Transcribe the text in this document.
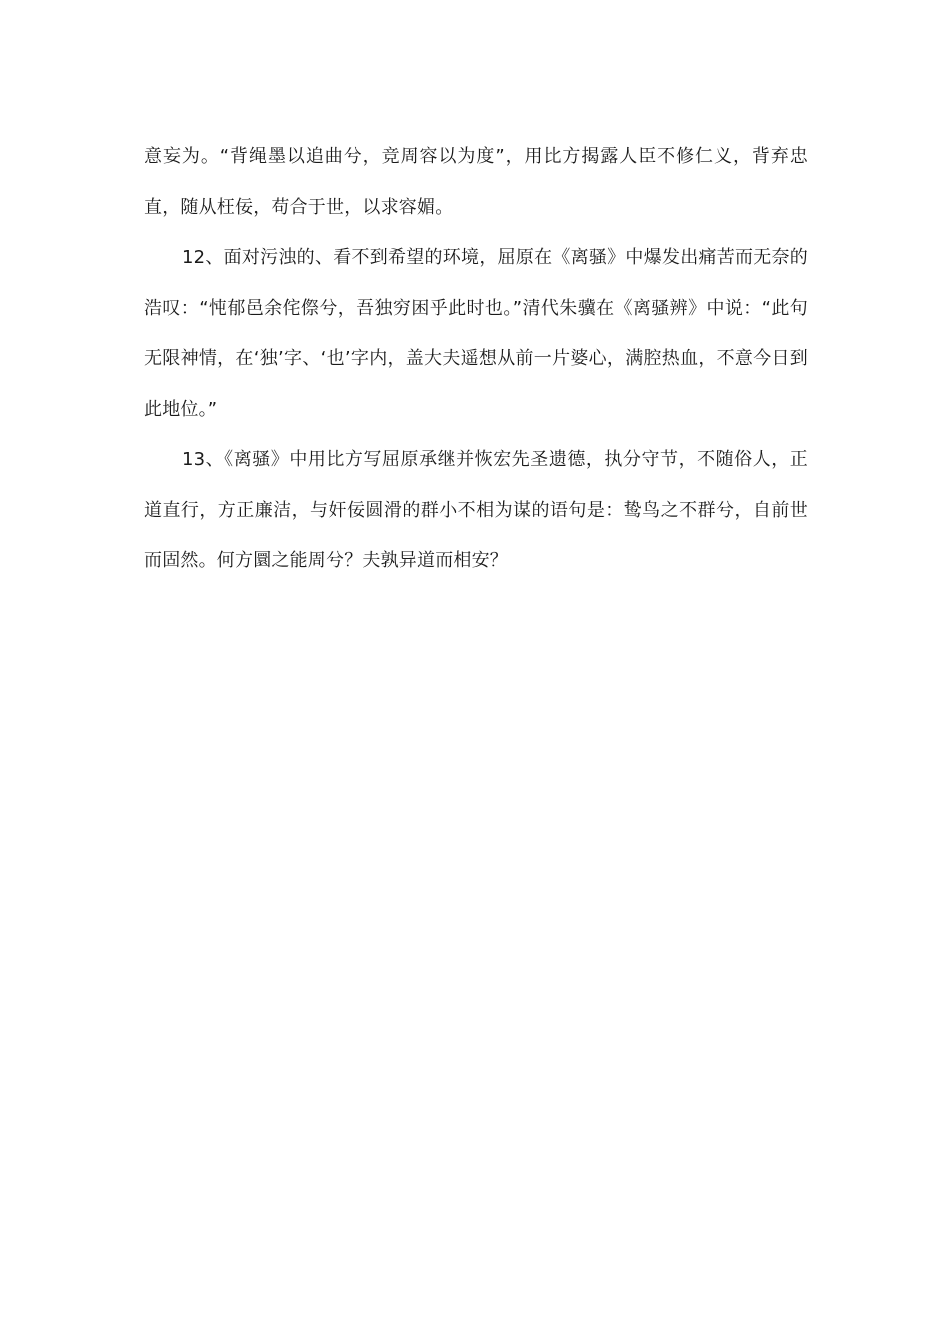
意妄为。“背绳墨以追曲兮，竞周容以为度”，用比方揭露人臣不修仁义，背弃忠直，随从枉佞，苟合于世，以求容媚。

12、面对污浊的、看不到希望的环境，屈原在《离骚》中爆发出痛苦而无奈的浩叹：“忳郁邑余侘傺兮，吾独穷困乎此时也。”清代朱骥在《离骚辨》中说：“此句无限神情，在‘独’字、‘也’字内，盖大夫遥想从前一片婆心，满腔热血，不意今日到此地位。”

13、《离骚》中用比方写屈原承继并恢宏先圣遗德，执分守节，不随俗人，正道直行，方正廉洁，与奸佞圆滑的群小不相为谋的语句是：鸷鸟之不群兮，自前世而固然。何方圜之能周兮？夫孰异道而相安？
